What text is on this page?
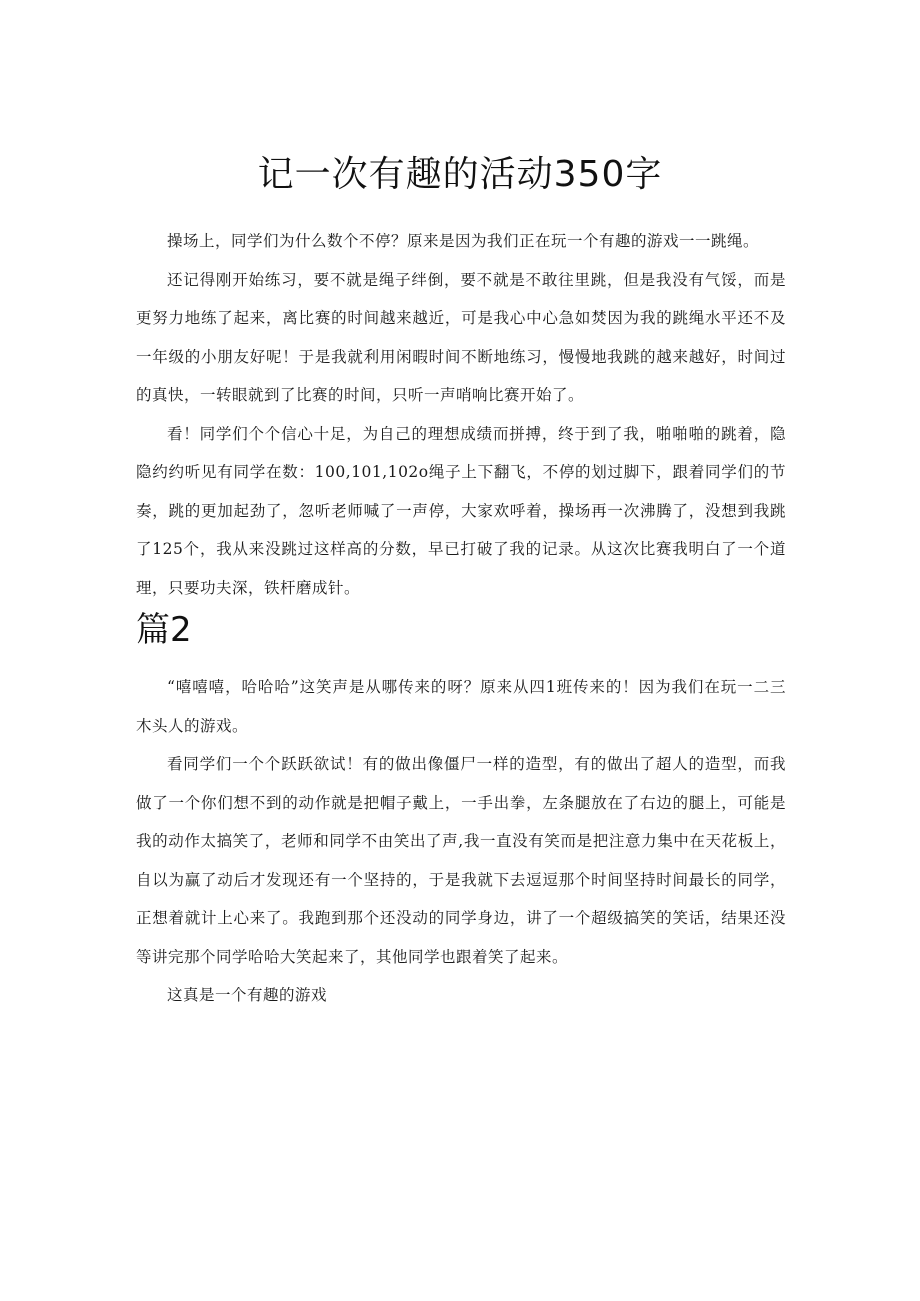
记一次有趣的活动350字

操场上，同学们为什么数个不停？原来是因为我们正在玩一个有趣的游戏一一跳绳。

还记得刚开始练习，要不就是绳子绊倒，要不就是不敢往里跳，但是我没有气馁，而是更努力地练了起来，离比赛的时间越来越近，可是我心中心急如焚因为我的跳绳水平还不及一年级的小朋友好呢！于是我就利用闲暇时间不断地练习，慢慢地我跳的越来越好，时间过的真快，一转眼就到了比赛的时间，只听一声哨响比赛开始了。

看！同学们个个信心十足，为自己的理想成绩而拼搏，终于到了我，啪啪啪的跳着，隐隐约约听见有同学在数：100,101,102o绳子上下翻飞，不停的划过脚下，跟着同学们的节奏，跳的更加起劲了，忽听老师喊了一声停，大家欢呼着，操场再一次沸腾了，没想到我跳了125个，我从来没跳过这样高的分数，早已打破了我的记录。从这次比赛我明白了一个道理，只要功夫深，铁杆磨成针。

篇2

“嘻嘻嘻，哈哈哈”这笑声是从哪传来的呀？原来从四1班传来的！因为我们在玩一二三木头人的游戏。

看同学们一个个跃跃欲试！有的做出像僵尸一样的造型，有的做出了超人的造型，而我做了一个你们想不到的动作就是把帽子戴上，一手出拳，左条腿放在了右边的腿上，可能是我的动作太搞笑了，老师和同学不由笑出了声,我一直没有笑而是把注意力集中在天花板上，自以为赢了动后才发现还有一个坚持的，于是我就下去逗逗那个时间坚持时间最长的同学，正想着就计上心来了。我跑到那个还没动的同学身边，讲了一个超级搞笑的笑话，结果还没等讲完那个同学哈哈大笑起来了，其他同学也跟着笑了起来。

这真是一个有趣的游戏
